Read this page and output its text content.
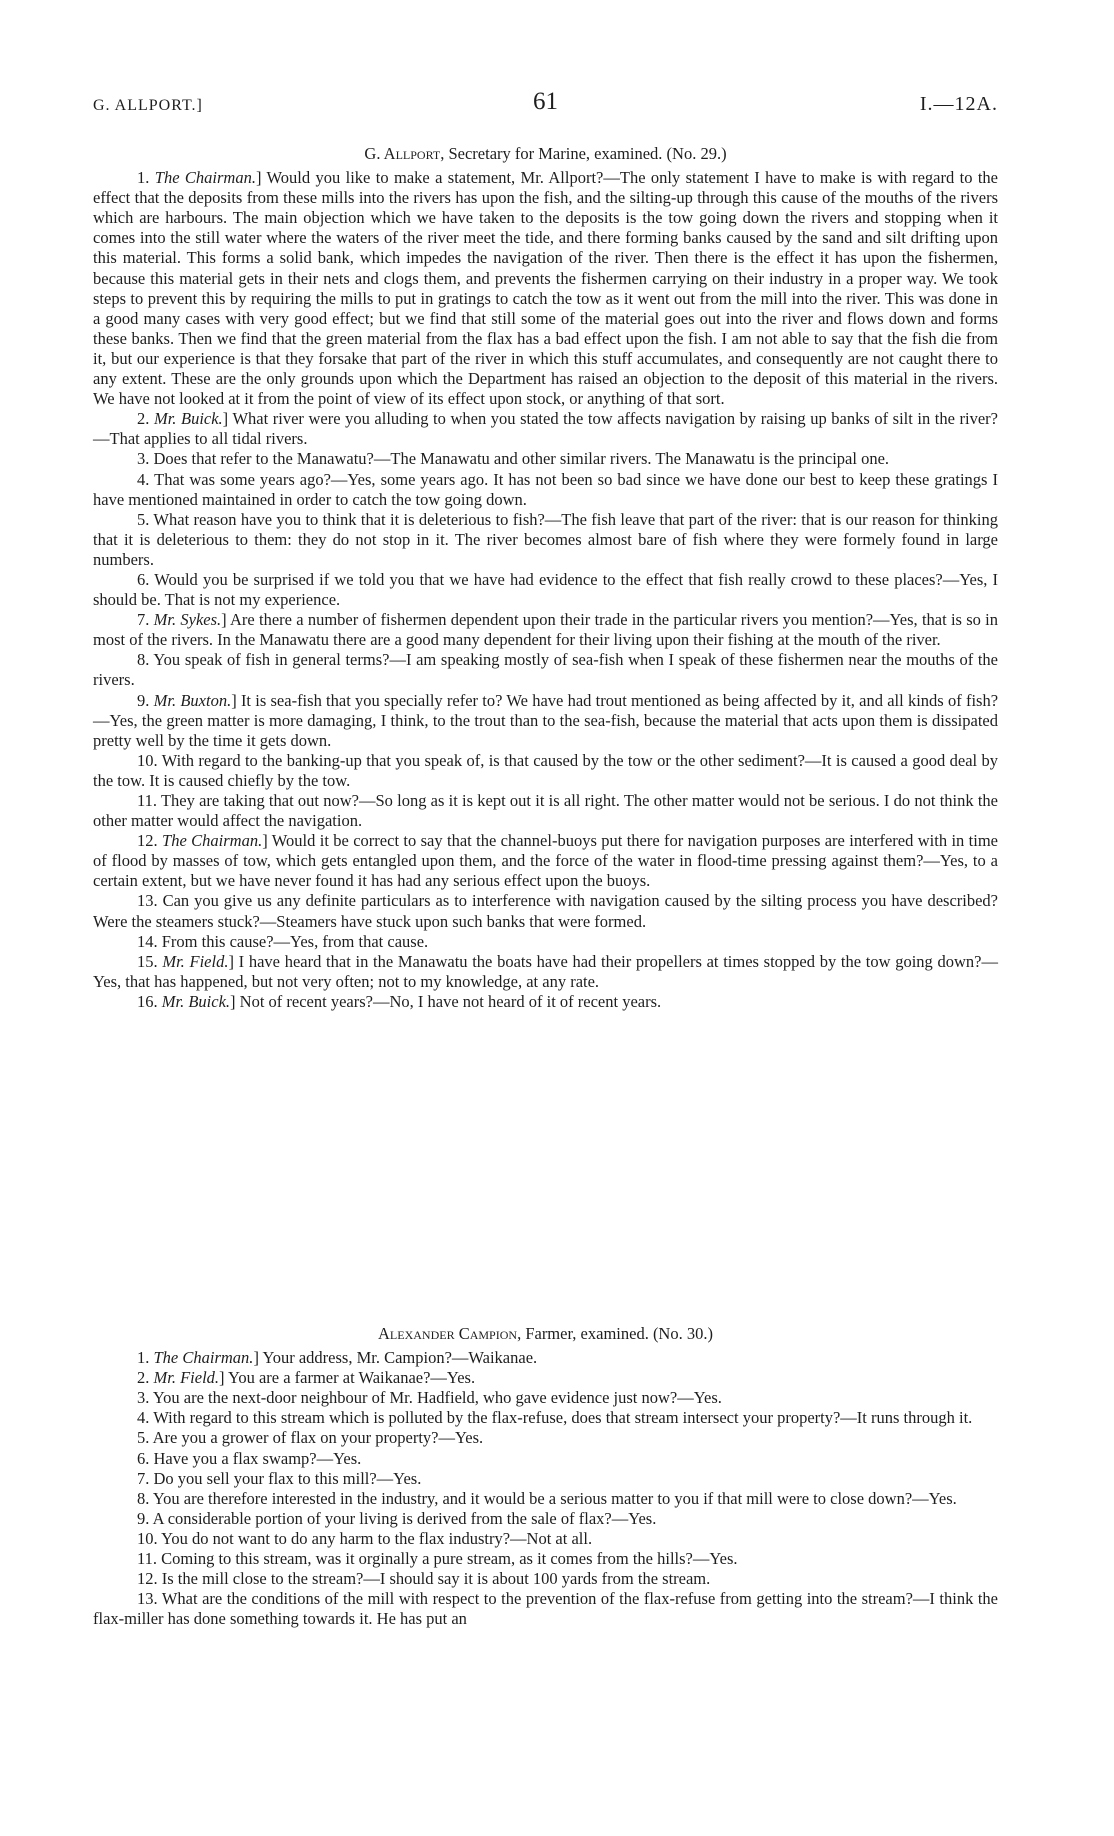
G. ALLPORT.]	61	I.—12A.
G. Allport, Secretary for Marine, examined. (No. 29.)

1. The Chairman.] Would you like to make a statement, Mr. Allport?—The only statement I have to make is with regard to the effect that the deposits from these mills into the rivers has upon the fish, and the silting-up through this cause of the mouths of the rivers which are harbours. The main objection which we have taken to the deposits is the tow going down the rivers and stopping when it comes into the still water where the waters of the river meet the tide, and there forming banks caused by the sand and silt drifting upon this material. This forms a solid bank, which impedes the navigation of the river. Then there is the effect it has upon the fishermen, because this material gets in their nets and clogs them, and prevents the fishermen carrying on their industry in a proper way. We took steps to prevent this by requiring the mills to put in gratings to catch the tow as it went out from the mill into the river. This was done in a good many cases with very good effect; but we find that still some of the material goes out into the river and flows down and forms these banks. Then we find that the green material from the flax has a bad effect upon the fish. I am not able to say that the fish die from it, but our experience is that they forsake that part of the river in which this stuff accumulates, and consequently are not caught there to any extent. These are the only grounds upon which the Department has raised an objection to the deposit of this material in the rivers. We have not looked at it from the point of view of its effect upon stock, or anything of that sort.

2. Mr. Buick.] What river were you alluding to when you stated the tow affects navigation by raising up banks of silt in the river?—That applies to all tidal rivers.

3. Does that refer to the Manawatu?—The Manawatu and other similar rivers. The Manawatu is the principal one.

4. That was some years ago?—Yes, some years ago. It has not been so bad since we have done our best to keep these gratings I have mentioned maintained in order to catch the tow going down.

5. What reason have you to think that it is deleterious to fish?—The fish leave that part of the river: that is our reason for thinking that it is deleterious to them: they do not stop in it. The river becomes almost bare of fish where they were formely found in large numbers.

6. Would you be surprised if we told you that we have had evidence to the effect that fish really crowd to these places?—Yes, I should be. That is not my experience.

7. Mr. Sykes.] Are there a number of fishermen dependent upon their trade in the particular rivers you mention?—Yes, that is so in most of the rivers. In the Manawatu there are a good many dependent for their living upon their fishing at the mouth of the river.

8. You speak of fish in general terms?—I am speaking mostly of sea-fish when I speak of these fishermen near the mouths of the rivers.

9. Mr. Buxton.] It is sea-fish that you specially refer to? We have had trout mentioned as being affected by it, and all kinds of fish?—Yes, the green matter is more damaging, I think, to the trout than to the sea-fish, because the material that acts upon them is dissipated pretty well by the time it gets down.

10. With regard to the banking-up that you speak of, is that caused by the tow or the other sediment?—It is caused a good deal by the tow. It is caused chiefly by the tow.

11. They are taking that out now?—So long as it is kept out it is all right. The other matter would not be serious. I do not think the other matter would affect the navigation.

12. The Chairman.] Would it be correct to say that the channel-buoys put there for navigation purposes are interfered with in time of flood by masses of tow, which gets entangled upon them, and the force of the water in flood-time pressing against them?—Yes, to a certain extent, but we have never found it has had any serious effect upon the buoys.

13. Can you give us any definite particulars as to interference with navigation caused by the silting process you have described? Were the steamers stuck?—Steamers have stuck upon such banks that were formed.

14. From this cause?—Yes, from that cause.

15. Mr. Field.] I have heard that in the Manawatu the boats have had their propellers at times stopped by the tow going down?—Yes, that has happened, but not very often; not to my knowledge, at any rate.

16. Mr. Buick.] Not of recent years?—No, I have not heard of it of recent years.

Alexander Campion, Farmer, examined. (No. 30.)

1. The Chairman.] Your address, Mr. Campion?—Waikanae.

2. Mr. Field.] You are a farmer at Waikanae?—Yes.

3. You are the next-door neighbour of Mr. Hadfield, who gave evidence just now?—Yes.

4. With regard to this stream which is polluted by the flax-refuse, does that stream intersect your property?—It runs through it.

5. Are you a grower of flax on your property?—Yes.

6. Have you a flax swamp?—Yes.

7. Do you sell your flax to this mill?—Yes.

8. You are therefore interested in the industry, and it would be a serious matter to you if that mill were to close down?—Yes.

9. A considerable portion of your living is derived from the sale of flax?—Yes.

10. You do not want to do any harm to the flax industry?—Not at all.

11. Coming to this stream, was it orginally a pure stream, as it comes from the hills?—Yes.

12. Is the mill close to the stream?—I should say it is about 100 yards from the stream.

13. What are the conditions of the mill with respect to the prevention of the flax-refuse from getting into the stream?—I think the flax-miller has done something towards it. He has put an
